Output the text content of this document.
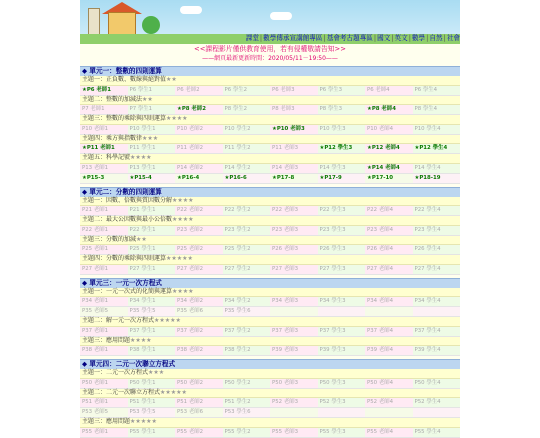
課堂|數學傳承宣講館專區|基會考古題專區|國文|英文|數學|自然|社會
<<課程影片僅供教育使用，若有侵權敬請告知>>
——網頁最新更新時間：2020/05/11－19:50——
◆ 單元一：整數的四則運算
主題一：正負數、數線與絕對值★★
★P6 老師1	P6 學生1	P6 老師2	P6 學生2	P6 老師3	P6 學生3	P6 老師4	P6 學生4
主題二：整數的加減法★★
P7 老師1	P7 學生1	★P8 老師2	P8 學生2	P8 老師3	P8 學生3	★P8 老師4	P8 學生4
主題三：整數的乘除與四則運算★★★★
P10 老師1	P10 學生1	P10 老師2	P10 學生2	★P10 老師3	P10 學生3	P10 老師4	P10 學生4
主題四：乘方與指數律★★★
★P11 老師1	P11 學生1	P11 老師2	P11 學生2	P11 老師3	★P12 學生3	★P12 老師4	★P12 學生4
主題五：科學記號★★★★
P13 老師1	P13 學生1	P14 老師2	P14 學生2	P14 老師3	P14 學生3	★P14 老師4	P14 學生4
★P15-3	★P15-4	★P16-4	★P16-6	★P17-8	★P17-9	★P17-10	★P18-19
◆ 單元二：分數的四則運算
主題一：因數、倍數與質因數分解★★★★
P21 老師1	P21 學生1	P22 老師2	P22 學生2	P22 老師3	P22 學生3	P22 老師4	P22 學生4
主題二：最大公因數與最小公倍數★★★★
P22 老師1	P22 學生1	P23 老師2	P23 學生2	P23 老師3	P23 學生3	P23 老師4	P23 學生4
主題三：分數的加減★★
P25 老師1	P25 學生1	P25 老師2	P25 學生2	P26 老師3	P26 學生3	P26 老師4	P26 學生4
主題四：分數的乘除與四則運算★★★★★
P27 老師1	P27 學生1	P27 老師2	P27 學生2	P27 老師3	P27 學生3	P27 老師4	P27 學生4
◆ 單元三：一元一次方程式
主題一：一元一次式的化簡與運算★★★★
P34 老師1	P34 學生1	P34 老師2	P34 學生2	P34 老師3	P34 學生3	P34 老師4	P34 學生4
P35 老師5	P35 學生5	P35 老師6	P35 學生6
主題二：解一元一次方程式★★★★★
P37 老師1	P37 學生1	P37 老師2	P37 學生2	P37 老師3	P37 學生3	P37 老師4	P37 學生4
主題三：應用問題★★★★
P38 老師1	P38 學生1	P38 老師2	P38 學生2	P39 老師3	P39 學生3	P39 老師4	P39 學生4
◆ 單元四：二元一次聯立方程式
主題一：二元一次方程式★★★
P50 老師1	P50 學生1	P50 老師2	P50 學生2	P50 老師3	P50 學生3	P50 老師4	P50 學生4
主題二：二元一次聯立方程式★★★★★
P51 老師1	P51 學生1	P51 老師2	P51 學生2	P52 老師3	P52 學生3	P52 老師4	P52 學生4
P53 老師5	P53 學生5	P53 老師6	P53 學生6
主題三：應用問題★★★★★
P55 老師1	P55 學生1	P55 老師2	P55 學生2	P55 老師3	P55 學生3	P55 老師4	P55 學生4
